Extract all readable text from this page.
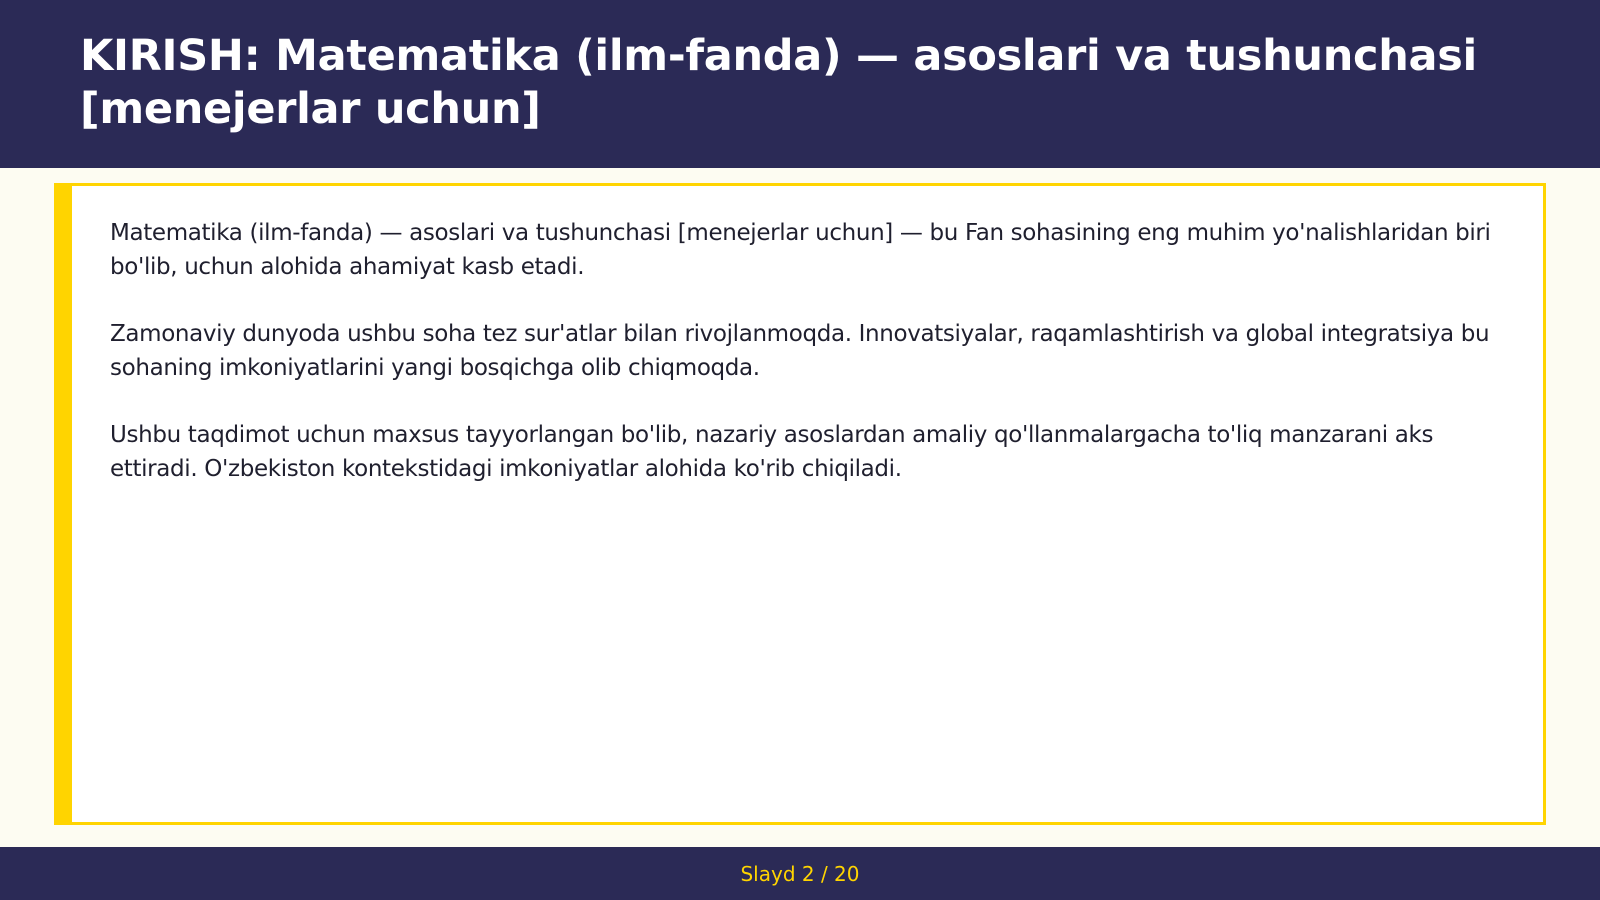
KIRISH: Matematika (ilm-fanda) — asoslari va tushunchasi [menejerlar uchun]

Matematika (ilm-fanda) — asoslari va tushunchasi [menejerlar uchun] — bu Fan sohasining eng muhim yo'nalishlaridan biri bo'lib, uchun alohida ahamiyat kasb etadi.

Zamonaviy dunyoda ushbu soha tez sur'atlar bilan rivojlanmoqda. Innovatsiyalar, raqamlashtirish va global integratsiya bu sohaning imkoniyatlarini yangi bosqichga olib chiqmoqda.

Ushbu taqdimot uchun maxsus tayyorlangan bo'lib, nazariy asoslardan amaliy qo'llanmalargacha to'liq manzarani aks ettiradi. O'zbekiston kontekstidagi imkoniyatlar alohida ko'rib chiqiladi.

Slayd 2 / 20
